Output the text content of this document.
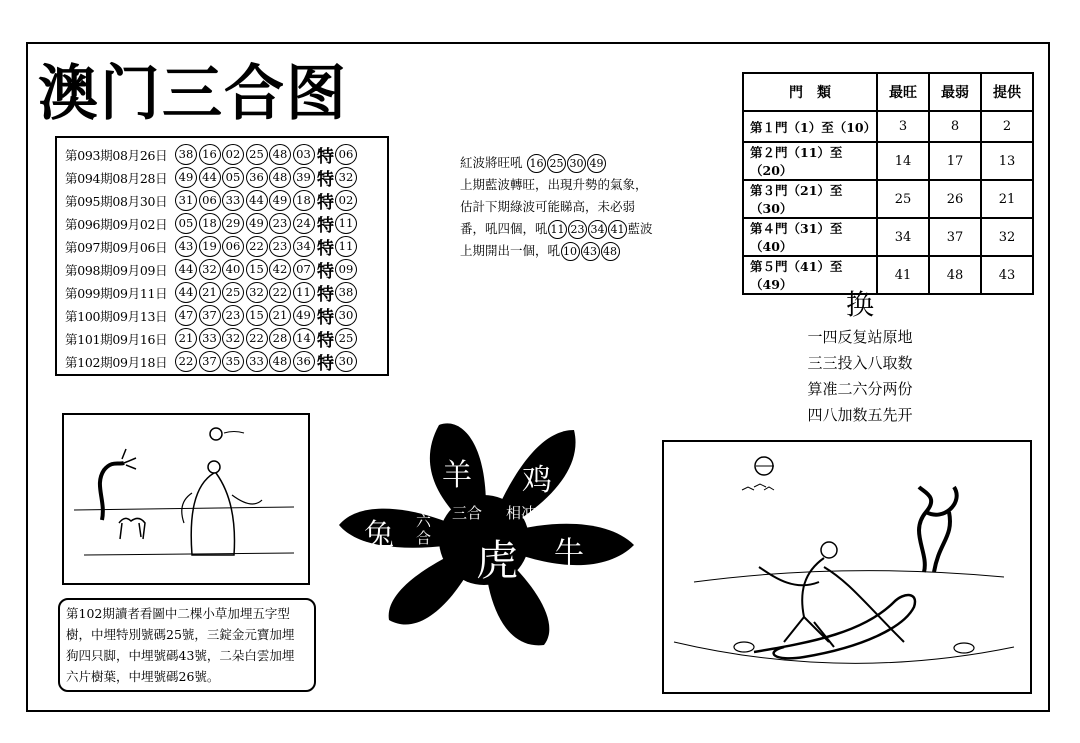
澳门三合图
第093期08月26日 38 16 02 25 48 03 特 06
第094期08月28日 49 44 05 36 48 39 特 32
第095期08月30日 31 06 33 44 49 18 特 02
第096期09月02日 05 18 29 49 23 24 特 11
第097期09月06日 43 19 06 22 23 34 特 11
第098期09月09日 44 32 40 15 42 07 特 09
第099期09月11日 44 21 25 32 22 11 特 38
第100期09月13日 47 37 23 15 21 49 特 30
第101期09月16日 21 33 32 22 28 14 特 25
第102期09月18日 22 37 35 33 48 36 特 30
紅波將旺吼 16 25 30 49
上期藍波轉旺，出現升勢的氣象，
估計下期綠波可能睇高，未必弱
番，吼四個，吼 11 23 34 41 藍波
上期開出一個，吼 10 43 48
門　類	最旺	最弱	提供
第１門（1）至（10）	3	8	2
第２門（11）至（20）	14	17	13
第３門（21）至（30）	25	26	21
第４門（31）至（40）	34	37	32
第５門（41）至（49）	41	48	43
换
一四反复站原地
三三投入八取数
算准二六分两份
四八加数五先开
第102期讀者看圖中二棵小草加埋五字型
樹，中埋特別號碼25號，三錠金元寶加埋
狗四只脚，中埋號碼43號，二朵白雲加埋
六片樹葉，中埋號碼26號。
羊 鸡
兔
牛
虎
三合 相冲
六合
